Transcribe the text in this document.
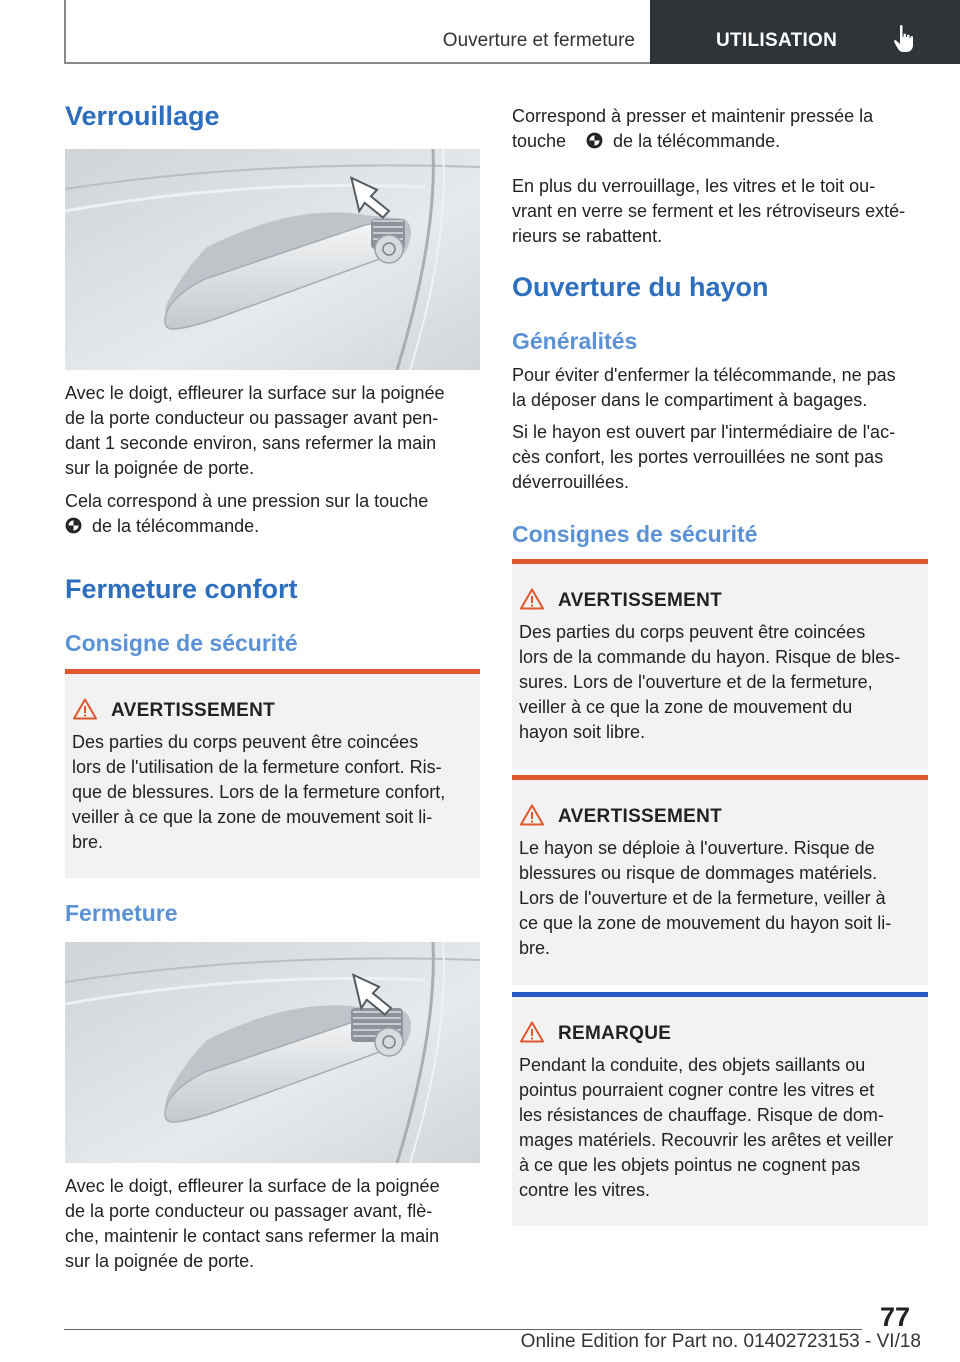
Ouverture et fermeture	UTILISATION
Verrouillage

Avec le doigt, effleurer la surface sur la poignée

de la porte conducteur ou passager avant pen-

dant 1 seconde environ, sans refermer la main

sur la poignée de porte.

Cela correspond à une pression sur la touche

de la télécommande.

Fermeture confort
Consigne de sécurité
AVERTISSEMENT

Des parties du corps peuvent être coincées

lors de l'utilisation de la fermeture confort. Ris-

que de blessures. Lors de la fermeture confort,

veiller à ce que la zone de mouvement soit li-

bre.

Fermeture

Avec le doigt, effleurer la surface de la poignée

de la porte conducteur ou passager avant, flè-

che, maintenir le contact sans refermer la main

sur la poignée de porte.

Correspond à presser et maintenir pressée la

touche	de la télécommande.

En plus du verrouillage, les vitres et le toit ou-

vrant en verre se ferment et les rétroviseurs exté-

rieurs se rabattent.

Ouverture du hayon
Généralités

Pour éviter d'enfermer la télécommande, ne pas

la déposer dans le compartiment à bagages.

Si le hayon est ouvert par l'intermédiaire de l'ac-

cès confort, les portes verrouillées ne sont pas

déverrouillées.

Consignes de sécurité
AVERTISSEMENT

Des parties du corps peuvent être coincées

lors de la commande du hayon. Risque de bles-

sures. Lors de l'ouverture et de la fermeture,

veiller à ce que la zone de mouvement du

hayon soit libre.

AVERTISSEMENT

Le hayon se déploie à l'ouverture. Risque de

blessures ou risque de dommages matériels.

Lors de l'ouverture et de la fermeture, veiller à

ce que la zone de mouvement du hayon soit li-

bre.

REMARQUE

Pendant la conduite, des objets saillants ou

pointus pourraient cogner contre les vitres et

les résistances de chauffage. Risque de dom-

mages matériels. Recouvrir les arêtes et veiller

à ce que les objets pointus ne cognent pas

contre les vitres.

77
Online Edition for Part no. 01402723153 - VI/18
